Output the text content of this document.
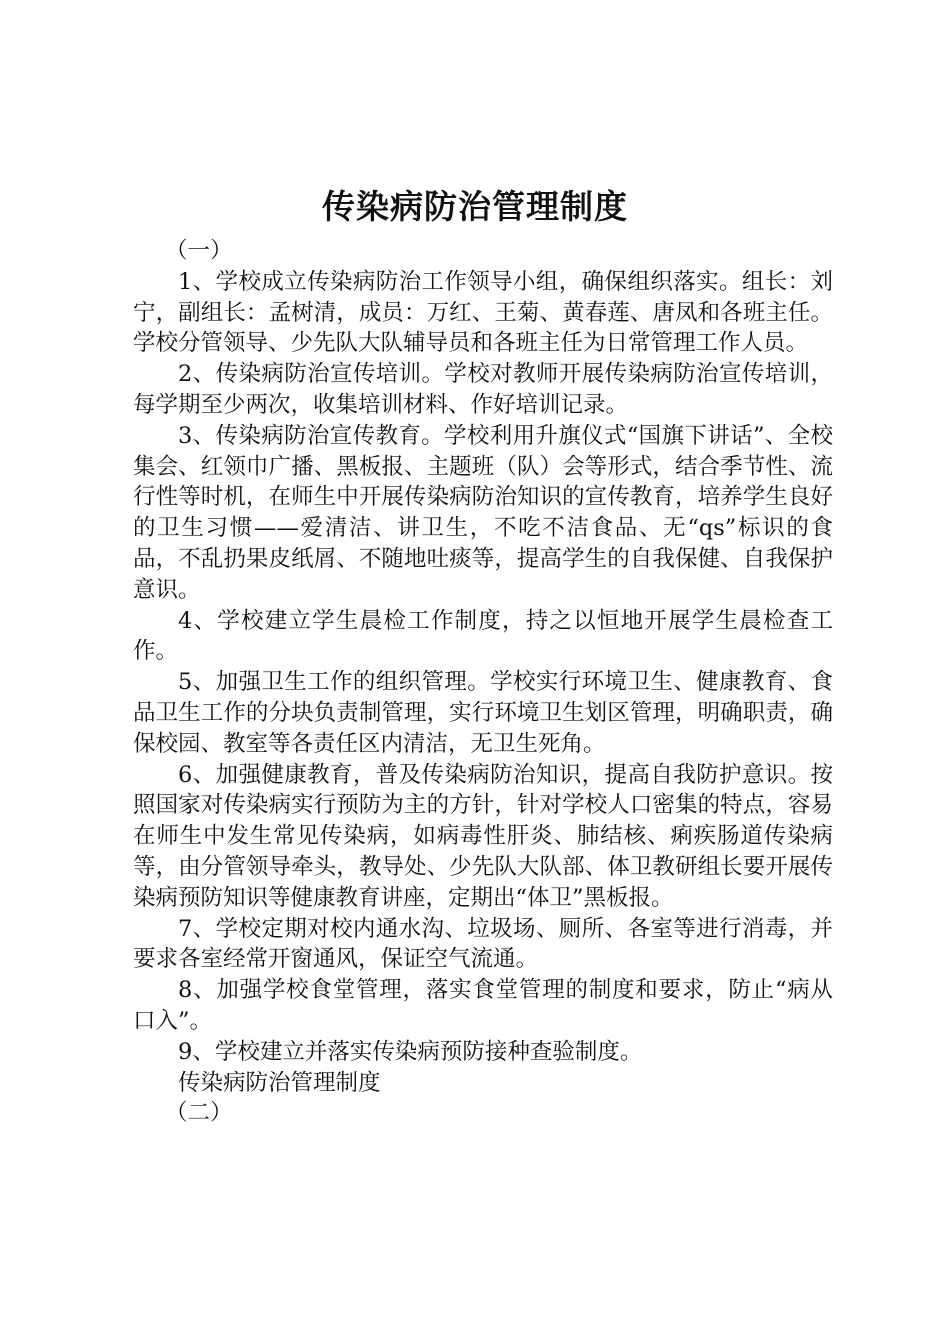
传染病防治管理制度

（一）

1、学校成立传染病防治工作领导小组，确保组织落实。组长：刘宁，副组长：孟树清，成员：万红、王菊、黄春莲、唐凤和各班主任。学校分管领导、少先队大队辅导员和各班主任为日常管理工作人员。

2、传染病防治宣传培训。学校对教师开展传染病防治宣传培训，每学期至少两次，收集培训材料、作好培训记录。

3、传染病防治宣传教育。学校利用升旗仪式“国旗下讲话”、全校集会、红领巾广播、黑板报、主题班（队）会等形式，结合季节性、流行性等时机，在师生中开展传染病防治知识的宣传教育，培养学生良好的卫生习惯——爱清洁、讲卫生，不吃不洁食品、无“qs”标识的食品，不乱扔果皮纸屑、不随地吐痰等，提高学生的自我保健、自我保护意识。

4、学校建立学生晨检工作制度，持之以恒地开展学生晨检查工作。

5、加强卫生工作的组织管理。学校实行环境卫生、健康教育、食品卫生工作的分块负责制管理，实行环境卫生划区管理，明确职责，确保校园、教室等各责任区内清洁，无卫生死角。

6、加强健康教育，普及传染病防治知识，提高自我防护意识。按照国家对传染病实行预防为主的方针，针对学校人口密集的特点，容易在师生中发生常见传染病，如病毒性肝炎、肺结核、痢疾肠道传染病等，由分管领导牵头，教导处、少先队大队部、体卫教研组长要开展传染病预防知识等健康教育讲座，定期出“体卫”黑板报。

7、学校定期对校内通水沟、垃圾场、厕所、各室等进行消毒，并要求各室经常开窗通风，保证空气流通。

8、加强学校食堂管理，落实食堂管理的制度和要求，防止“病从口入”。

9、学校建立并落实传染病预防接种查验制度。

传染病防治管理制度

（二）
